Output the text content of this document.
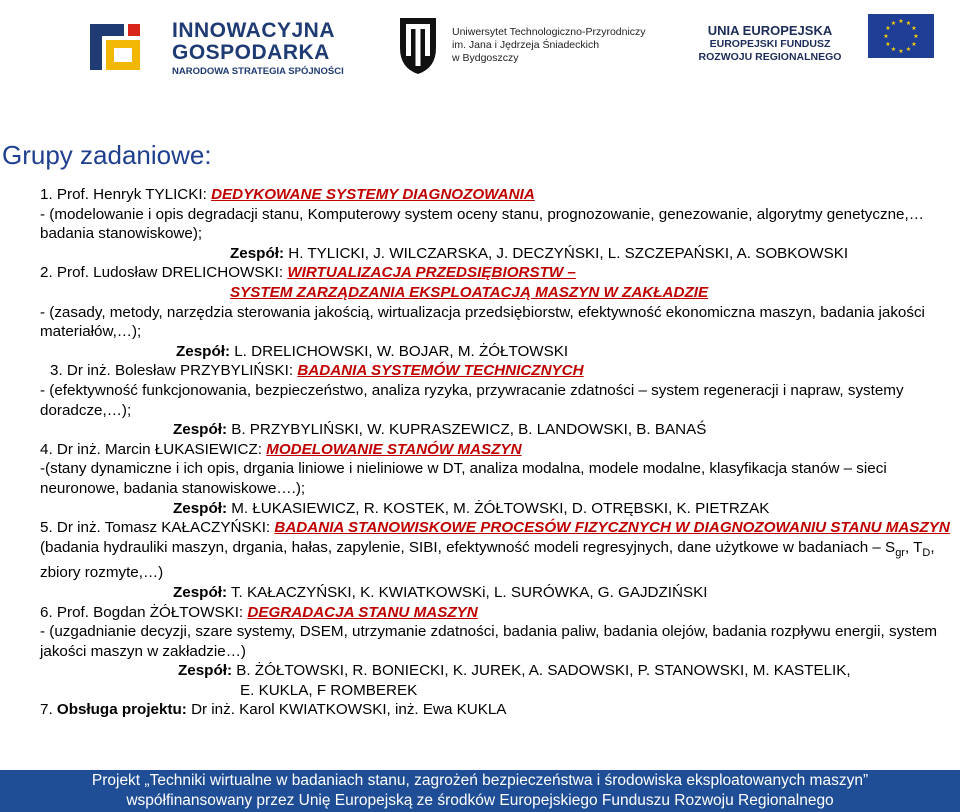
INNOWACYJNA
GOSPODARKA
NARODOWA STRATEGIA SPÓJNOŚCI
Uniwersytet Technologiczno-Przyrodniczy
im. Jana i Jędrzeja Śniadeckich
w Bydgoszczy
UNIA EUROPEJSKA
EUROPEJSKI FUNDUSZ
ROZWOJU REGIONALNEGO
★ ★
★
★
★
★
★
★
★
★
★
★
Grupy zadaniowe:

1. Prof. Henryk TYLICKI: DEDYKOWANE SYSTEMY DIAGNOZOWANIA

- (modelowanie i opis degradacji stanu, Komputerowy system oceny stanu, prognozowanie, genezowanie, algorytmy genetyczne,… badania stanowiskowe);

Zespół: H. TYLICKI, J. WILCZARSKA, J. DECZYŃSKI, L. SZCZEPAŃSKI, A. SOBKOWSKI

2. Prof. Ludosław DRELICHOWSKI: WIRTUALIZACJA PRZEDSIĘBIORSTW –

SYSTEM ZARZĄDZANIA EKSPLOATACJĄ MASZYN W ZAKŁADZIE

- (zasady, metody, narzędzia sterowania jakością, wirtualizacja przedsiębiorstw, efektywność ekonomiczna maszyn, badania jakości materiałów,…);

Zespół: L. DRELICHOWSKI, W. BOJAR, M. ŻÓŁTOWSKI

3. Dr inż. Bolesław PRZYBYLIŃSKI: BADANIA SYSTEMÓW TECHNICZNYCH

- (efektywność funkcjonowania, bezpieczeństwo, analiza ryzyka, przywracanie zdatności – system regeneracji i napraw, systemy doradcze,…);

Zespół: B. PRZYBYLIŃSKI, W. KUPRASZEWICZ, B. LANDOWSKI, B. BANAŚ

4. Dr inż. Marcin ŁUKASIEWICZ: MODELOWANIE STANÓW MASZYN

-(stany dynamiczne i ich opis, drgania liniowe i nieliniowe w DT, analiza modalna, modele modalne, klasyfikacja stanów – sieci neuronowe, badania stanowiskowe….);

Zespół: M. ŁUKASIEWICZ, R. KOSTEK, M. ŻÓŁTOWSKI, D. OTRĘBSKI, K. PIETRZAK

5. Dr inż. Tomasz KAŁACZYŃSKI: BADANIA STANOWISKOWE PROCESÓW FIZYCZNYCH W DIAGNOZOWANIU STANU MASZYN

(badania hydrauliki maszyn, drgania, hałas, zapylenie, SIBI, efektywność modeli regresyjnych, dane użytkowe w badaniach – $S_{gr}$, $T_D$, zbiory rozmyte,…)

Zespół: T. KAŁACZYŃSKI, K. KWIATKOWSKi, L. SURÓWKA, G. GAJDZIŃSKI

6. Prof. Bogdan ŻÓŁTOWSKI: DEGRADACJA STANU MASZYN

- (uzgadnianie decyzji, szare systemy, DSEM, utrzymanie zdatności, badania paliw, badania olejów, badania rozpływu energii, system jakości maszyn w zakładzie…)

Zespół: B. ŻÓŁTOWSKI, R. BONIECKI, K. JUREK, A. SADOWSKI, P. STANOWSKI, M. KASTELIK,

E. KUKLA, F ROMBEREK

7. Obsługa projektu: Dr inż. Karol KWIATKOWSKI, inż. Ewa KUKLA

Projekt „Techniki wirtualne w badaniach stanu, zagrożeń bezpieczeństwa i środowiska eksploatowanych maszyn”
współfinansowany przez Unię Europejską ze środków Europejskiego Funduszu Rozwoju Regionalnego
